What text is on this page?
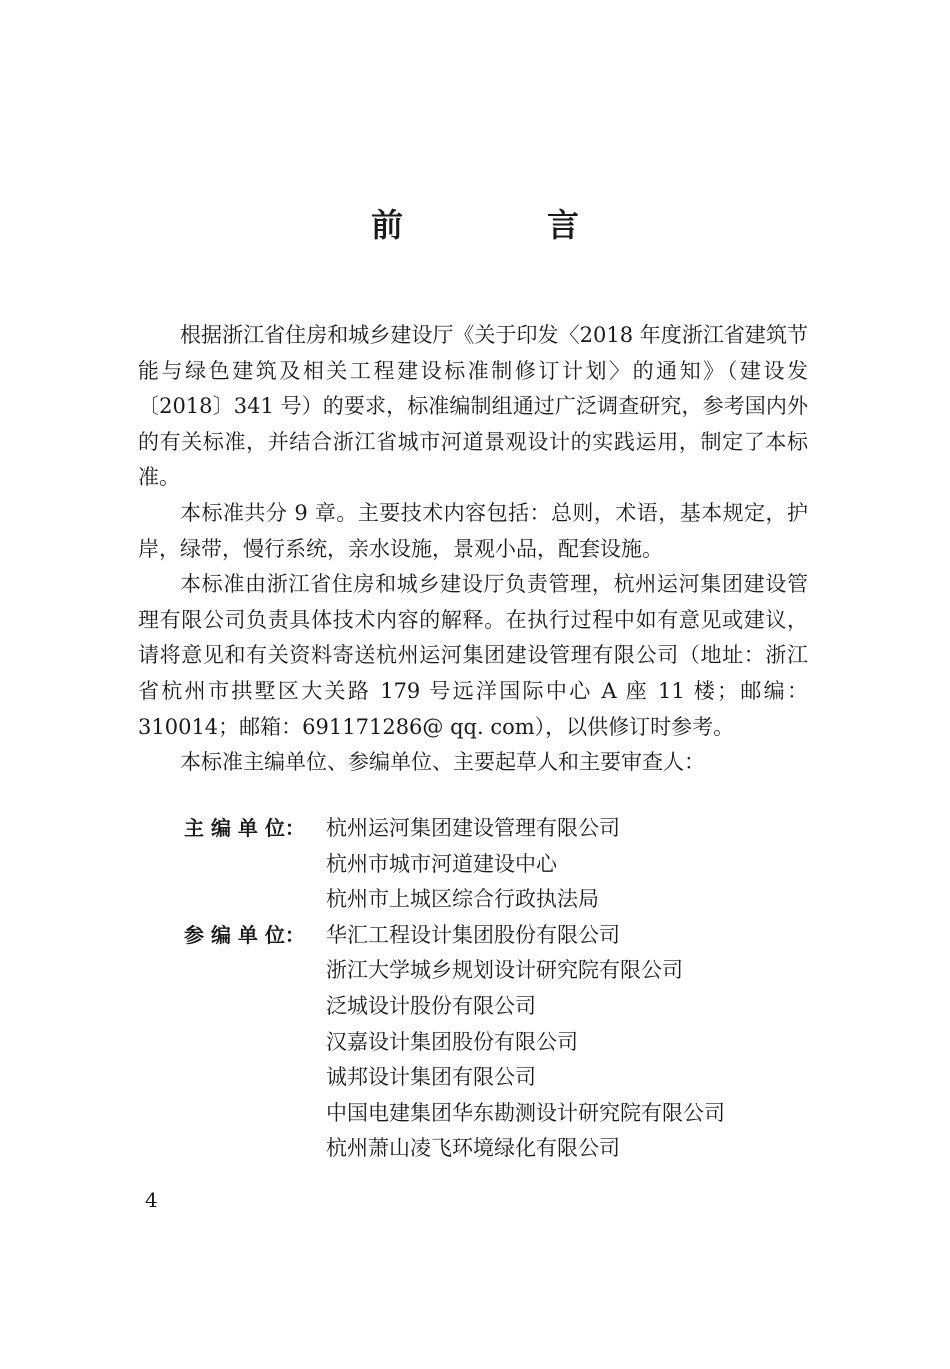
前　言

根据浙江省住房和城乡建设厅《关于印发〈2018 年度浙江省建筑节能与绿色建筑及相关工程建设标准制修订计划〉的通知》（建设发〔2018〕341 号）的要求，标准编制组通过广泛调查研究，参考国内外的有关标准，并结合浙江省城市河道景观设计的实践运用，制定了本标准。

本标准共分 9 章。主要技术内容包括：总则，术语，基本规定，护岸，绿带，慢行系统，亲水设施，景观小品，配套设施。

本标准由浙江省住房和城乡建设厅负责管理，杭州运河集团建设管理有限公司负责具体技术内容的解释。在执行过程中如有意见或建议，请将意见和有关资料寄送杭州运河集团建设管理有限公司（地址：浙江省杭州市拱墅区大关路 179 号远洋国际中心 A 座 11 楼；邮编：310014；邮箱：691171286@ qq. com），以供修订时参考。

本标准主编单位、参编单位、主要起草人和主要审查人：

主 编 单 位：	杭州运河集团建设管理有限公司
杭州市城市河道建设中心
杭州市上城区综合行政执法局
参 编 单 位：	华汇工程设计集团股份有限公司
浙江大学城乡规划设计研究院有限公司
泛城设计股份有限公司
汉嘉设计集团股份有限公司
诚邦设计集团有限公司
中国电建集团华东勘测设计研究院有限公司
杭州萧山凌飞环境绿化有限公司
4
